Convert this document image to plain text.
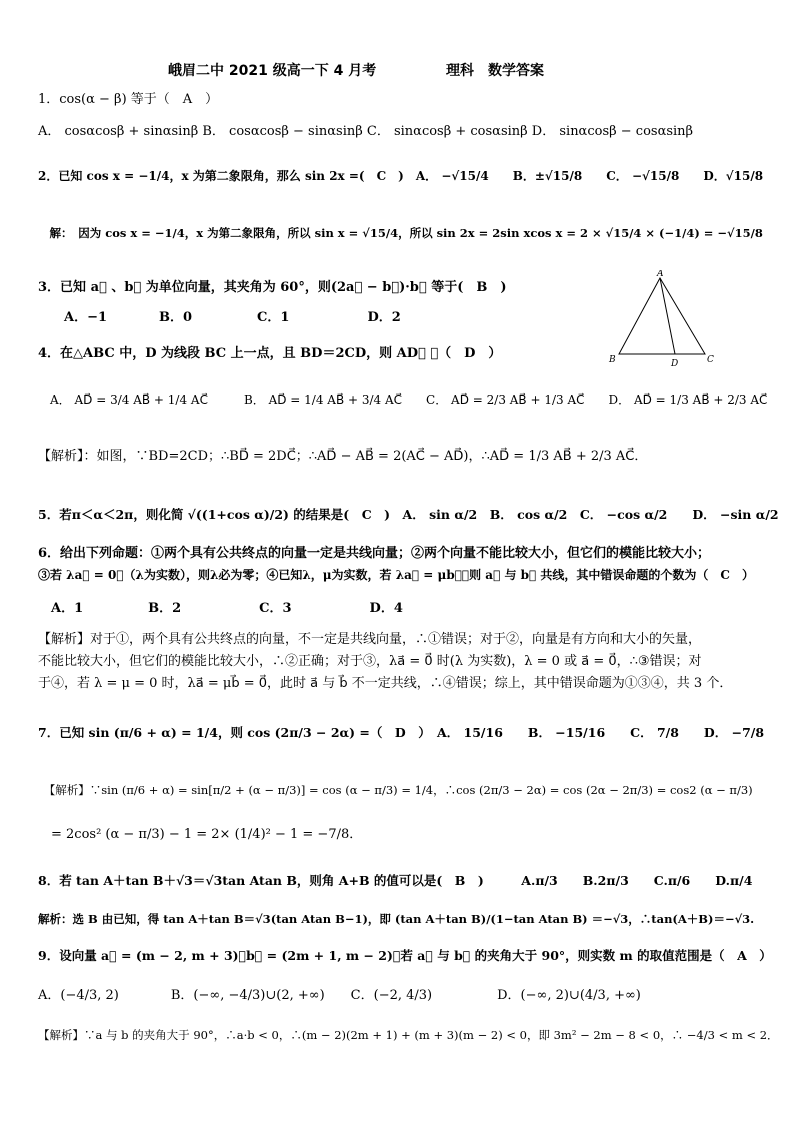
峨眉二中 2021 级高一下 4 月考	理科　数学答案
1．cos(α − β) 等于（　A　）
A． cosαcosβ + sinαsinβ B． cosαcosβ − sinαsinβ C． sinαcosβ + cosαsinβ D． sinαcosβ − cosαsinβ
2．已知 cos x = −1/4，x 为第二象限角，那么 sin 2x =(　C　)　A． −√15/4　　B．±√15/8　　C． −√15/8　　D．√15/8
　解：　因为 cos x = −1/4，x 为第二象限角，所以 sin x = √15/4，所以 sin 2x = 2sin xcos x = 2 × √15/4 × (−1/4) = −√15/8
3．已知 a⃗ 、b⃗ 为单位向量，其夹角为 60°，则(2a⃗ − b⃗)·b⃗ 等于(　B　)
　　A．−1　　　　B．0　　　　　C．1　　　　　　D．2
4．在△ABC 中，D 为线段 BC 上一点，且 BD＝2CD，则 AD⃗ ＝（　D　）
　A． AD⃗ = 3/4 AB⃗ + 1/4 AC⃗　　　B． AD⃗ = 1/4 AB⃗ + 3/4 AC⃗　　C． AD⃗ = 2/3 AB⃗ + 1/3 AC⃗　　D． AD⃗ = 1/3 AB⃗ + 2/3 AC⃗
【解析】：如图，∵BD=2CD；∴BD⃗ = 2DC⃗；∴AD⃗ − AB⃗ = 2(AC⃗ − AD⃗)，∴AD⃗ = 1/3 AB⃗ + 2/3 AC⃗．
5．若π＜α＜2π，则化简 √((1+cos α)/2) 的结果是(　C　)　A． sin α/2　B． cos α/2　C． −cos α/2　　D． −sin α/2
6．给出下列命题：①两个具有公共终点的向量一定是共线向量；②两个向量不能比较大小，但它们的模能比较大小；
③若 λa⃗ = 0⃗（λ为实数），则λ必为零；④已知λ，μ为实数，若 λa⃗ = μb⃗，则 a⃗ 与 b⃗ 共线，其中错误命题的个数为（　C　）
　A．1　　　　　B．2　　　　　　C．3　　　　　　D．4
【解析】对于①，两个具有公共终点的向量，不一定是共线向量，∴①错误；对于②，向量是有方向和大小的矢量，
不能比较大小，但它们的模能比较大小，∴②正确；对于③，λa⃗ = 0⃗ 时(λ 为实数)，λ = 0 或 a⃗ = 0⃗，∴③错误；对
于④，若 λ = μ = 0 时，λa⃗ = μb⃗ = 0⃗，此时 a⃗ 与 b⃗ 不一定共线，∴④错误；综上，其中错误命题为①③④，共 3 个．
7．已知 sin (π/6 + α) = 1/4，则 cos (2π/3 − 2α) =（　D　）　A． 15/16　　B． −15/16　　C． 7/8　　D． −7/8
　【解析】∵sin (π/6 + α) = sin[π/2 + (α − π/3)] = cos (α − π/3) = 1/4，∴cos (2π/3 − 2α) = cos (2α − 2π/3) = cos2 (α − π/3)
　= 2cos² (α − π/3) − 1 = 2× (1/4)² − 1 = −7/8．
8．若 tan A＋tan B＋√3＝√3tan Atan B，则角 A+B 的值可以是(　B　)　　　A.π/3　　B.2π/3　　C.π/6　　D.π/4
解析：选 B 由已知，得 tan A＋tan B＝√3(tan Atan B−1)，即 (tan A＋tan B)/(1−tan Atan B) ＝−√3，∴tan(A＋B)＝−√3.
9．设向量 a⃗ = (m − 2, m + 3)，b⃗ = (2m + 1, m − 2)，若 a⃗ 与 b⃗ 的夹角大于 90°，则实数 m 的取值范围是（　A　）
A．(−4/3, 2)　　　　B．(−∞, −4/3)∪(2, +∞)　　C．(−2, 4/3)　　　　　D．(−∞, 2)∪(4/3, +∞)
【解析】∵a 与 b 的夹角大于 90°，∴a·b < 0，∴(m − 2)(2m + 1) + (m + 3)(m − 2) < 0，即 3m² − 2m − 8 < 0，∴ −4/3 < m < 2．
A
B	D	C
